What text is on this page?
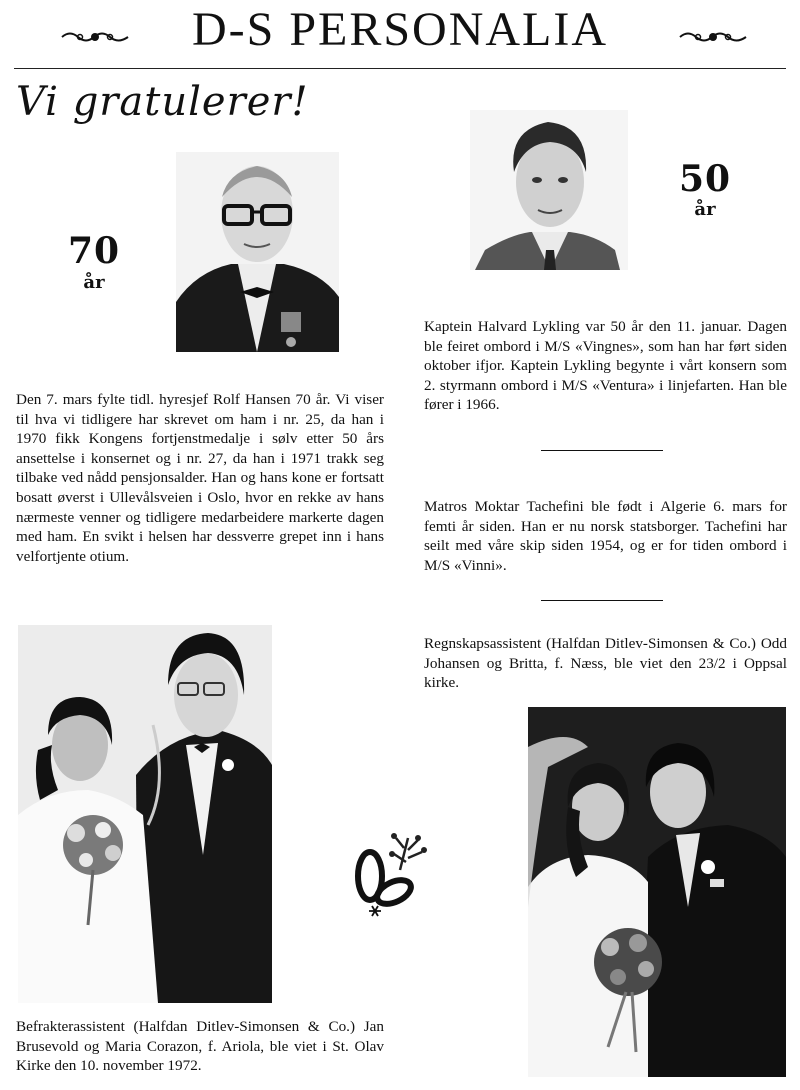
D-S PERSONALIA
Vi gratulerer!
70
år
50
år
Kaptein Halvard Lykling var 50 år den 11. januar. Dagen ble feiret ombord i M/S «Vingnes», som han har ført siden oktober ifjor. Kaptein Lykling begynte i vårt konsern som 2. styrmann ombord i M/S «Ventura» i linjefarten. Han ble fører i 1966.
Den 7. mars fylte tidl. hyresjef Rolf Hansen 70 år. Vi viser til hva vi tidligere har skrevet om ham i nr. 25, da han i 1970 fikk Kongens fortjenstmedalje i sølv etter 50 års ansettelse i konsernet og i nr. 27, da han i 1971 trakk seg tilbake ved nådd pensjonsalder. Han og hans kone er fortsatt bosatt øverst i Ullevålsveien i Oslo, hvor en rekke av hans nærmeste venner og tidligere medarbeidere markerte dagen med ham. En svikt i helsen har dessverre grepet inn i hans velfortjente otium.
Matros Moktar Tachefini ble født i Algerie 6. mars for femti år siden. Han er nu norsk statsborger. Tachefini har seilt med våre skip siden 1954, og er for tiden ombord i M/S «Vinni».
Regnskapsassistent (Halfdan Ditlev-Simonsen & Co.) Odd Johansen og Britta, f. Næss, ble viet den 23/2 i Oppsal kirke.
Befrakterassistent (Halfdan Ditlev-Simonsen & Co.) Jan Brusevold og Maria Corazon, f. Ariola, ble viet i St. Olav Kirke den 10. november 1972.
